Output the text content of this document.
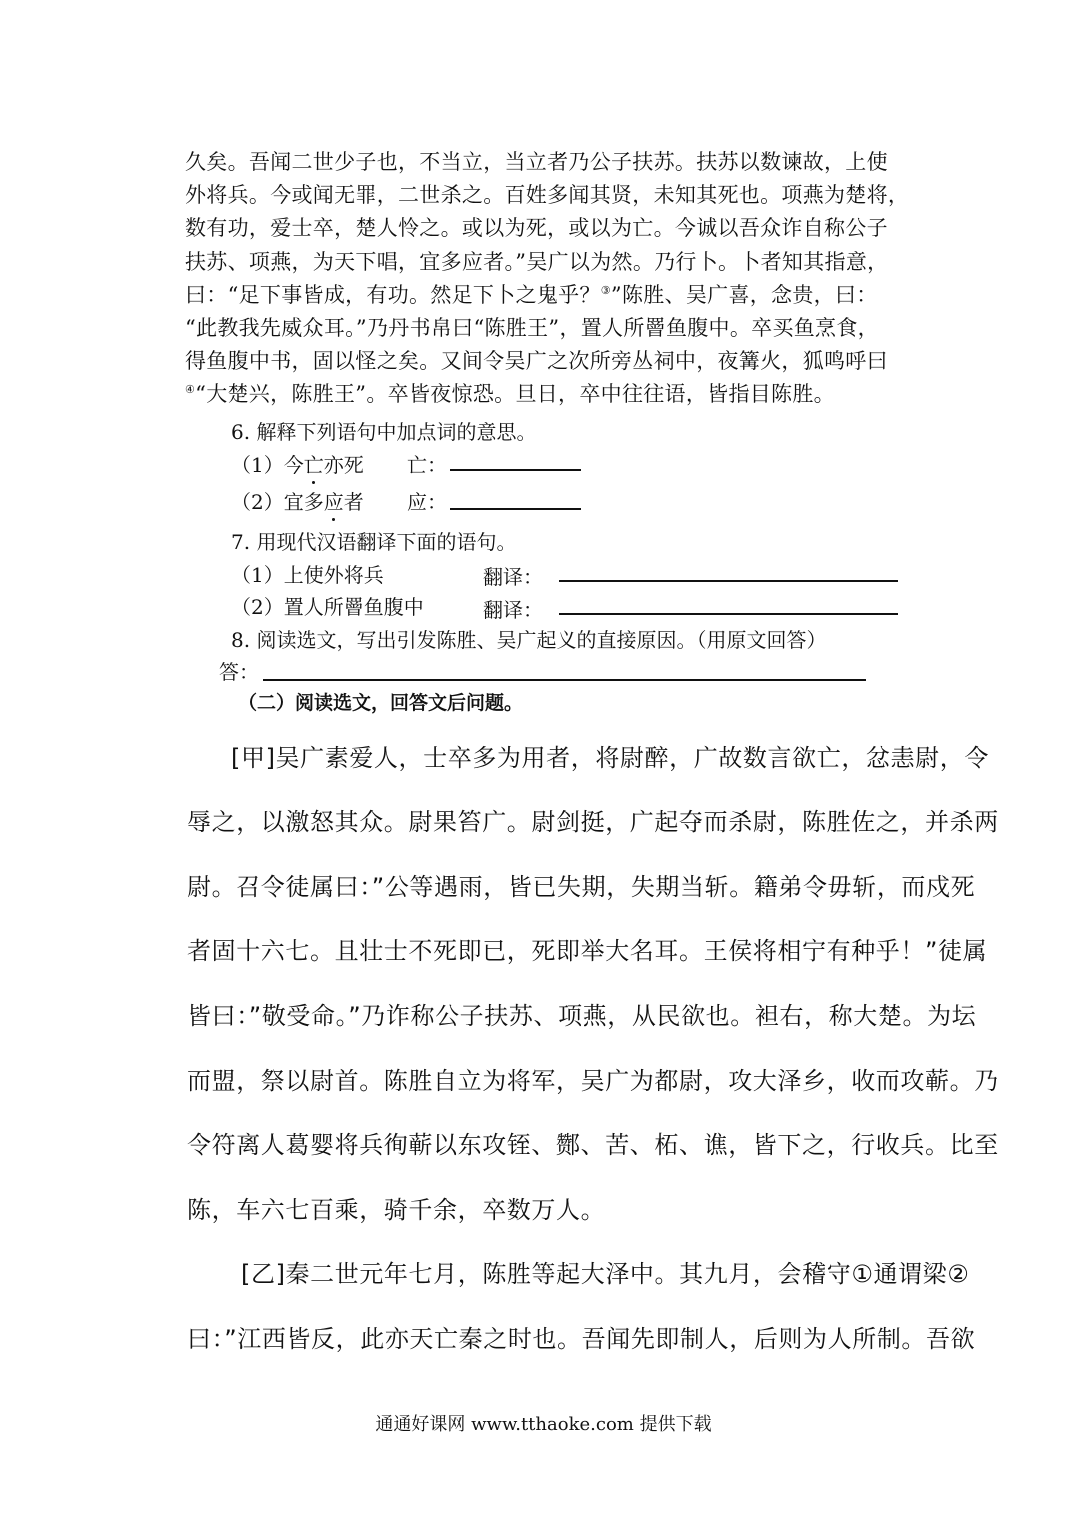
久矣。吾闻二世少子也，不当立，当立者乃公子扶苏。扶苏以数谏故，上使
外将兵。今或闻无罪，二世杀之。百姓多闻其贤，未知其死也。项燕为楚将，
数有功，爱士卒，楚人怜之。或以为死，或以为亡。今诚以吾众诈自称公子
扶苏、项燕，为天下唱，宜多应者。”吴广以为然。乃行卜。卜者知其指意，
曰：“足下事皆成，有功。然足下卜之鬼乎？③”陈胜、吴广喜，念贵，曰：
“此教我先威众耳。”乃丹书帛曰“陈胜王”，置人所罾鱼腹中。卒买鱼烹食，
得鱼腹中书，固以怪之矣。又间令吴广之次所旁丛祠中，夜篝火，狐鸣呼曰
④“大楚兴，陈胜王”。卒皆夜惊恐。旦日，卒中往往语，皆指目陈胜。
6. 解释下列语句中加点词的意思。
（1）今亡亦死 亡：
（2）宜多应者 应：
7. 用现代汉语翻译下面的语句。
（1）上使外将兵	翻译：
（2）置人所罾鱼腹中	翻译：
8. 阅读选文，写出引发陈胜、吴广起义的直接原因。（用原文回答）
答：
（二）阅读选文，回答文后问题。
[甲]吴广素爱人，士卒多为用者，将尉醉，广故数言欲亡，忿恚尉，令
辱之，以激怒其众。尉果笞广。尉剑挺，广起夺而杀尉，陈胜佐之，并杀两
尉。召令徒属曰：”公等遇雨，皆已失期，失期当斩。籍弟令毋斩，而戍死
者固十六七。且壮士不死即已，死即举大名耳。王侯将相宁有种乎！”徒属
皆曰：”敬受命。”乃诈称公子扶苏、项燕，从民欲也。袒右，称大楚。为坛
而盟，祭以尉首。陈胜自立为将军，吴广为都尉，攻大泽乡，收而攻蕲。乃
令符离人葛婴将兵徇蕲以东攻铚、酂、苦、柘、谯，皆下之，行收兵。比至
陈，车六七百乘，骑千余，卒数万人。
[乙]秦二世元年七月，陈胜等起大泽中。其九月，会稽守①通谓梁②
曰：”江西皆反，此亦天亡秦之时也。吾闻先即制人，后则为人所制。吾欲
通通好课网 www.tthaoke.com 提供下载
